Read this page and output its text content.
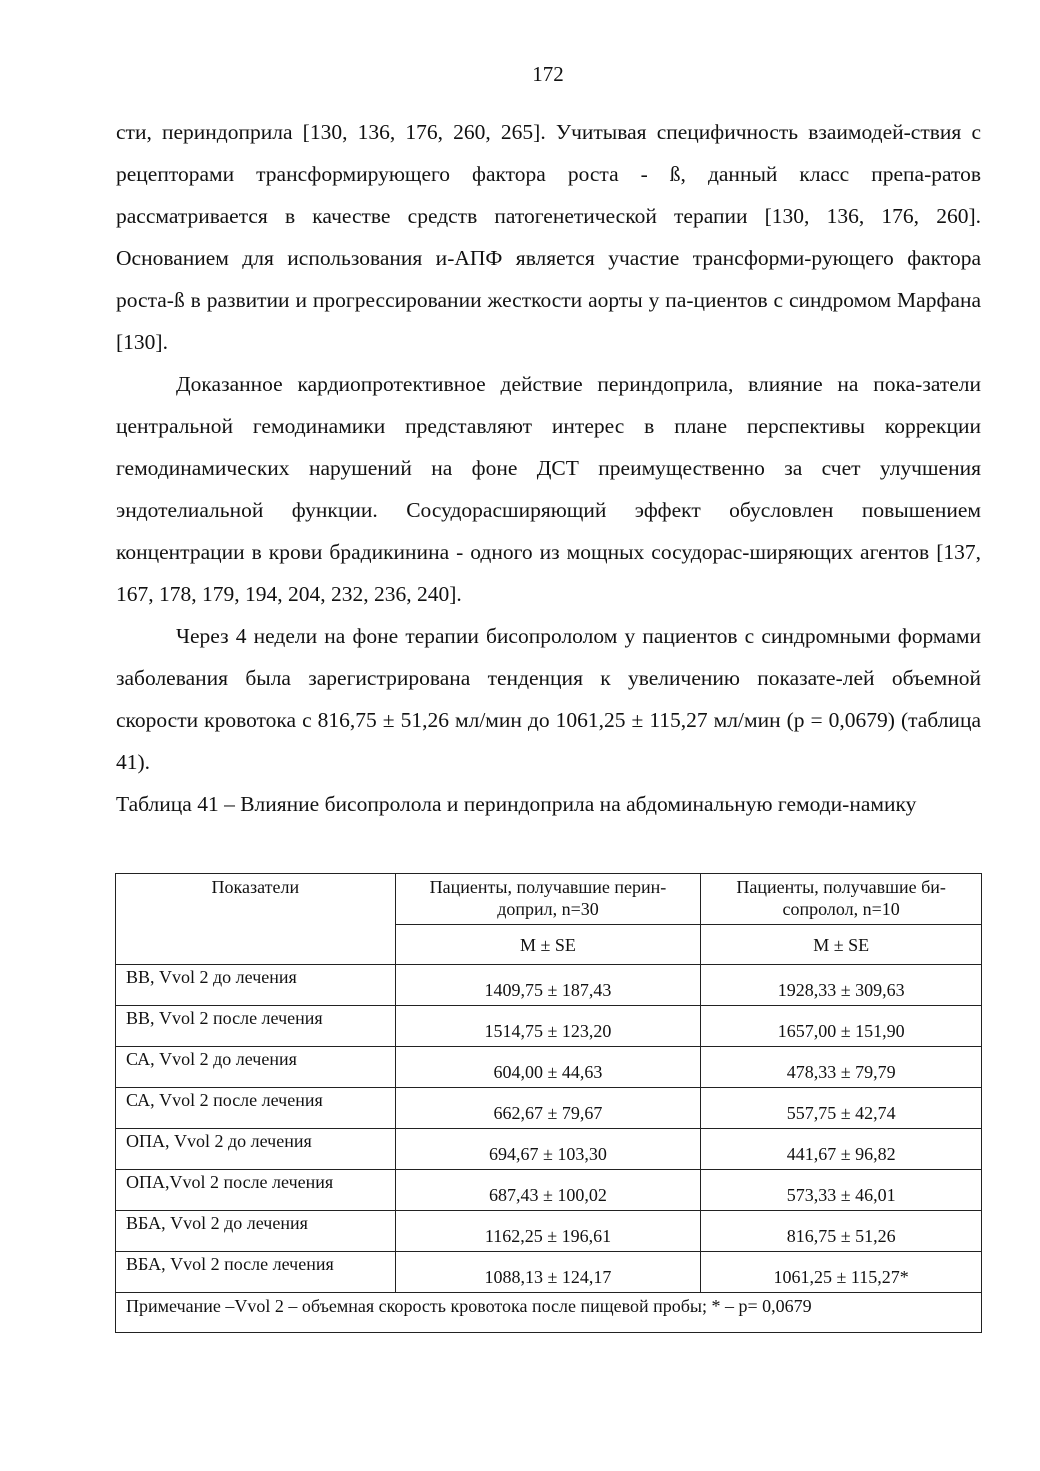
172

сти, периндоприла [130, 136, 176, 260, 265]. Учитывая специфичность взаимодей-ствия с рецепторами трансформирующего фактора роста - ß, данный класс препа-ратов рассматривается в качестве средств патогенетической терапии [130, 136, 176, 260]. Основанием для использования и-АПФ является участие трансформи-рующего фактора роста-ß в развитии и прогрессировании жесткости аорты у па-циентов с синдромом Марфана [130].

Доказанное кардиопротективное действие периндоприла, влияние на пока-затели центральной гемодинамики представляют интерес в плане перспективы коррекции гемодинамических нарушений на фоне ДСТ преимущественно за счет улучшения эндотелиальной функции. Сосудорасширяющий эффект обусловлен повышением концентрации в крови брадикинина - одного из мощных сосудорас-ширяющих агентов [137, 167, 178, 179, 194, 204, 232, 236, 240].

Через 4 недели на фоне терапии бисопрололом у пациентов с синдромными формами заболевания была зарегистрирована тенденция к увеличению показате-лей объемной скорости кровотока с 816,75 ± 51,26 мл/мин до 1061,25 ± 115,27 мл/мин (p = 0,0679) (таблица 41).

Таблица 41 – Влияние бисопролола и периндоприла на абдоминальную гемоди-намику

Показатели	Пациенты, получавшие перин-доприл, n=30	Пациенты, получавшие би-сопролол, n=10
	M ± SE	M ± SE
ВВ, Vvol 2 до лечения	1409,75 ± 187,43	1928,33 ± 309,63
ВВ, Vvol 2 после лечения	1514,75 ± 123,20	1657,00 ± 151,90
СА, Vvol 2 до лечения	604,00 ± 44,63	478,33 ± 79,79
СА, Vvol 2 после лечения	662,67 ± 79,67	557,75 ± 42,74
ОПА, Vvol 2 до лечения	694,67 ± 103,30	441,67 ± 96,82
ОПА,Vvol 2 после лечения	687,43 ± 100,02	573,33 ± 46,01
ВБА, Vvol 2 до лечения	1162,25 ± 196,61	816,75 ± 51,26
ВБА, Vvol 2 после лечения	1088,13 ± 124,17	1061,25 ± 115,27*
Примечание –Vvol 2 – объемная скорость кровотока после пищевой пробы; * – p= 0,0679		
